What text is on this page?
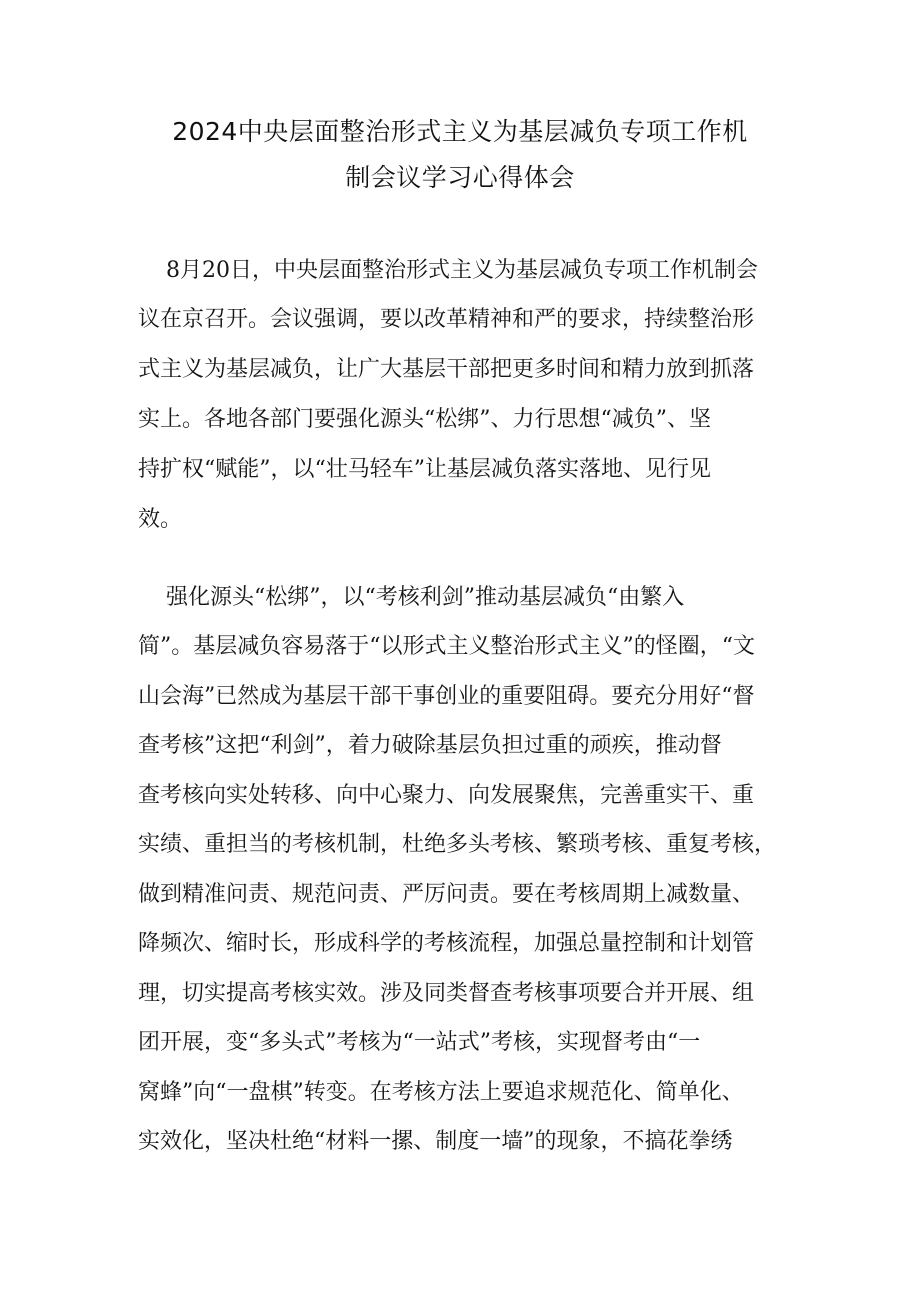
2024中央层面整治形式主义为基层减负专项工作机
制会议学习心得体会

8月20日，中央层面整治形式主义为基层减负专项工作机制会

议在京召开。会议强调，要以改革精神和严的要求，持续整治形

式主义为基层减负，让广大基层干部把更多时间和精力放到抓落

实上。各地各部门要强化源头“松绑”、力行思想“减负”、坚

持扩权“赋能”，以“壮马轻车”让基层减负落实落地、见行见

效。

强化源头“松绑”，以“考核利剑”推动基层减负“由繁入

简”。基层减负容易落于“以形式主义整治形式主义”的怪圈，“文

山会海”已然成为基层干部干事创业的重要阻碍。要充分用好“督

查考核”这把“利剑”，着力破除基层负担过重的顽疾，推动督

查考核向实处转移、向中心聚力、向发展聚焦，完善重实干、重

实绩、重担当的考核机制，杜绝多头考核、繁琐考核、重复考核，

做到精准问责、规范问责、严厉问责。要在考核周期上减数量、

降频次、缩时长，形成科学的考核流程，加强总量控制和计划管

理，切实提高考核实效。涉及同类督查考核事项要合并开展、组

团开展，变“多头式”考核为“一站式”考核，实现督考由“一

窝蜂”向“一盘棋”转变。在考核方法上要追求规范化、简单化、

实效化，坚决杜绝“材料一摞、制度一墙”的现象，不搞花拳绣
